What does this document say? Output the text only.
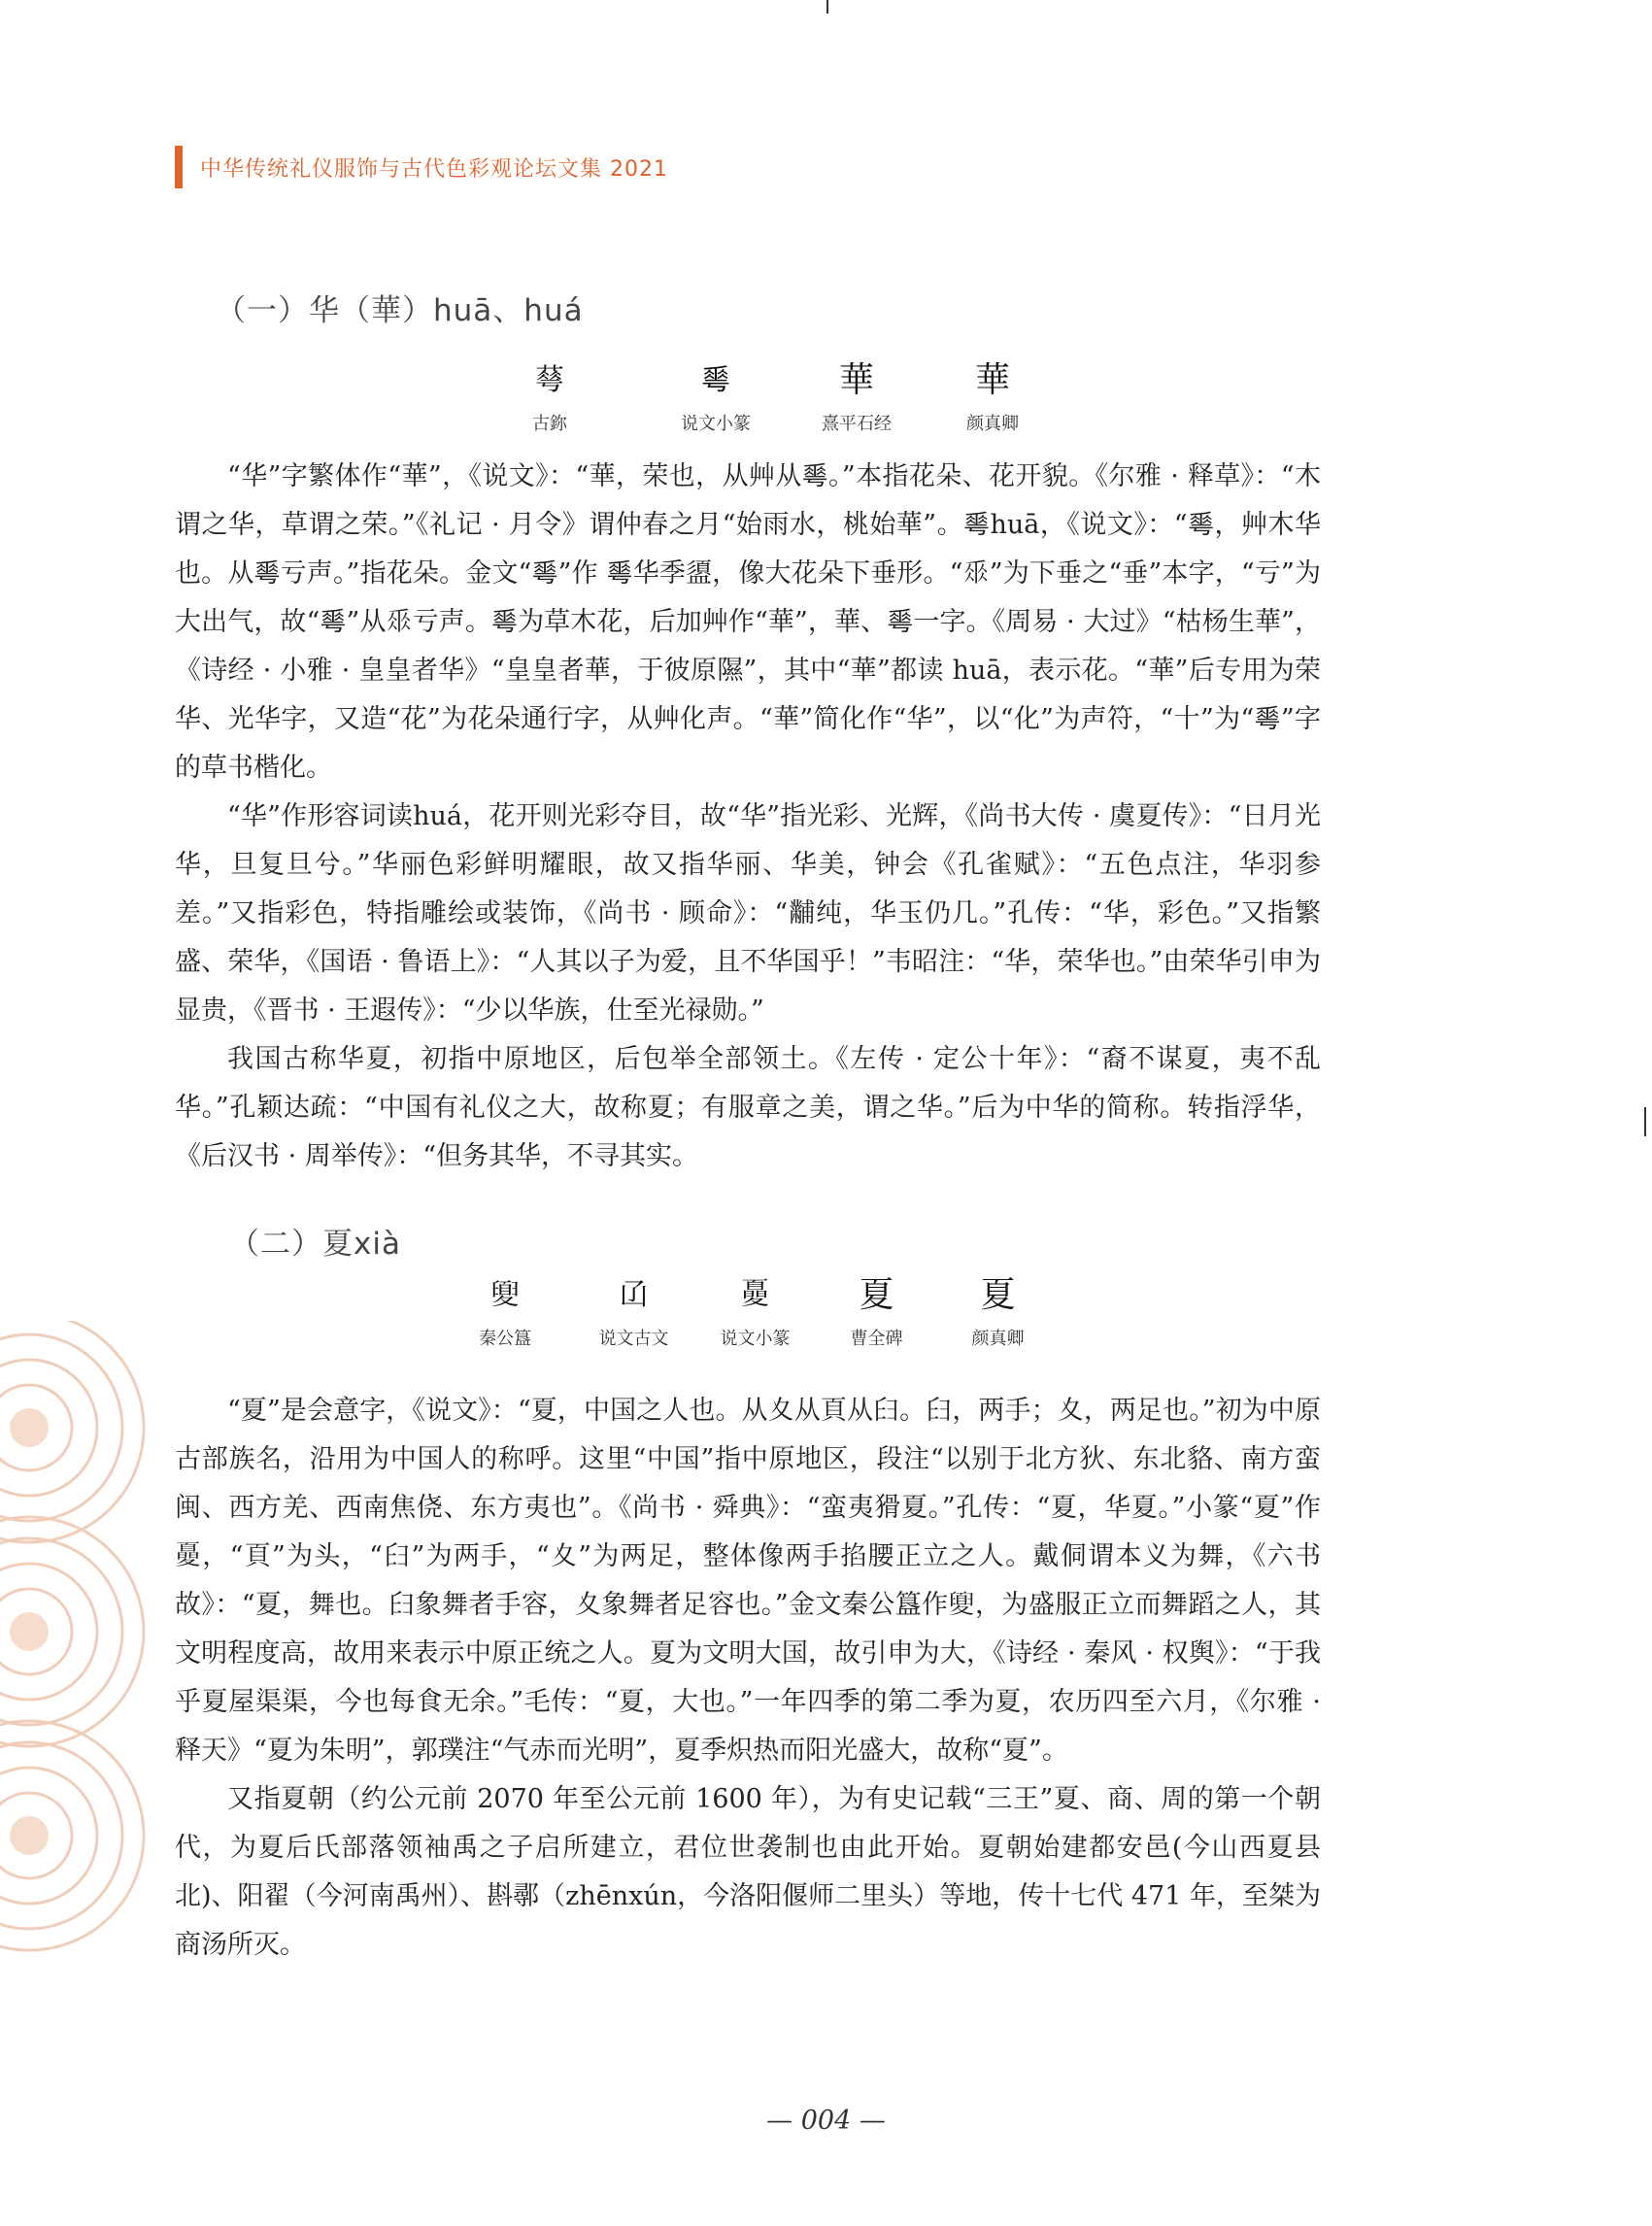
中华传统礼仪服饰与古代色彩观论坛文集 2021
（一）华（華）huā、huá
䔢
古鉨
𠌶
说文小篆
華
熹平石经
華
颜真卿

“华”字繁体作“華”，《说文》：“華，荣也，从艸从𠌶。”本指花朵、花开貌。《尔雅 · 释草》：“木谓之华，草谓之荣。”《礼记 · 月令》谓仲春之月“始雨水，桃始華”。𠌶huā，《说文》：“𠌶，艸木华也。从𠌶亏声。”指花朵。金文“𠌶”作 𠌶华季盨，像大花朵下垂形。“𠂹”为下垂之“垂”本字，“亏”为大出气，故“𠌶”从𠂹亏声。𠌶为草木花，后加艸作“華”，華、𠌶一字。《周易 · 大过》“枯杨生華”，《诗经 · 小雅 · 皇皇者华》“皇皇者華，于彼原隰”，其中“華”都读 huā，表示花。“華”后专用为荣华、光华字，又造“花”为花朵通行字，从艸化声。“華”简化作“华”，以“化”为声符，“十”为“𠌶”字的草书楷化。

“华”作形容词读huá，花开则光彩夺目，故“华”指光彩、光辉，《尚书大传 · 虞夏传》：“日月光华，旦复旦兮。”华丽色彩鲜明耀眼，故又指华丽、华美，钟会《孔雀赋》：“五色点注，华羽参差。”又指彩色，特指雕绘或装饰，《尚书 · 顾命》：“黼纯，华玉仍几。”孔传：“华，彩色。”又指繁盛、荣华，《国语 · 鲁语上》：“人其以子为爱，且不华国乎！”韦昭注：“华，荣华也。”由荣华引申为显贵，《晋书 · 王遐传》：“少以华族，仕至光禄勋。”

我国古称华夏，初指中原地区，后包举全部领土。《左传 · 定公十年》：“裔不谋夏，夷不乱华。”孔颖达疏：“中国有礼仪之大，故称夏；有服章之美，谓之华。”后为中华的简称。转指浮华，《后汉书 · 周举传》：“但务其华，不寻其实。

（二）夏xià
𡕻
秦公簋
𠙶
说文古文
𡕾
说文小篆
夏
曹全碑
夏
颜真卿

“夏”是会意字，《说文》：“夏，中国之人也。从夊从頁从𦥑。𦥑，两手；夊，两足也。”初为中原古部族名，沿用为中国人的称呼。这里“中国”指中原地区，段注“以别于北方狄、东北貉、南方蛮闽、西方羌、西南焦侥、东方夷也”。《尚书 · 舜典》：“蛮夷猾夏。”孔传：“夏，华夏。”小篆“夏”作𡕾，“頁”为头，“𦥑”为两手，“夊”为两足，整体像两手掐腰正立之人。戴侗谓本义为舞，《六书故》：“夏，舞也。𦥑象舞者手容，夊象舞者足容也。”金文秦公簋作𡕻，为盛服正立而舞蹈之人，其文明程度高，故用来表示中原正统之人。夏为文明大国，故引申为大，《诗经 · 秦风 · 权舆》：“于我乎夏屋渠渠，今也每食无余。”毛传：“夏，大也。”一年四季的第二季为夏，农历四至六月，《尔雅 · 释天》“夏为朱明”，郭璞注“气赤而光明”，夏季炽热而阳光盛大，故称“夏”。

又指夏朝（约公元前 2070 年至公元前 1600 年），为有史记载“三王”夏、商、周的第一个朝代，为夏后氏部落领袖禹之子启所建立，君位世袭制也由此开始。夏朝始建都安邑(今山西夏县北)、阳翟（今河南禹州）、斟鄩（zhēnxún，今洛阳偃师二里头）等地，传十七代 471 年，至桀为商汤所灭。

— 004 —
